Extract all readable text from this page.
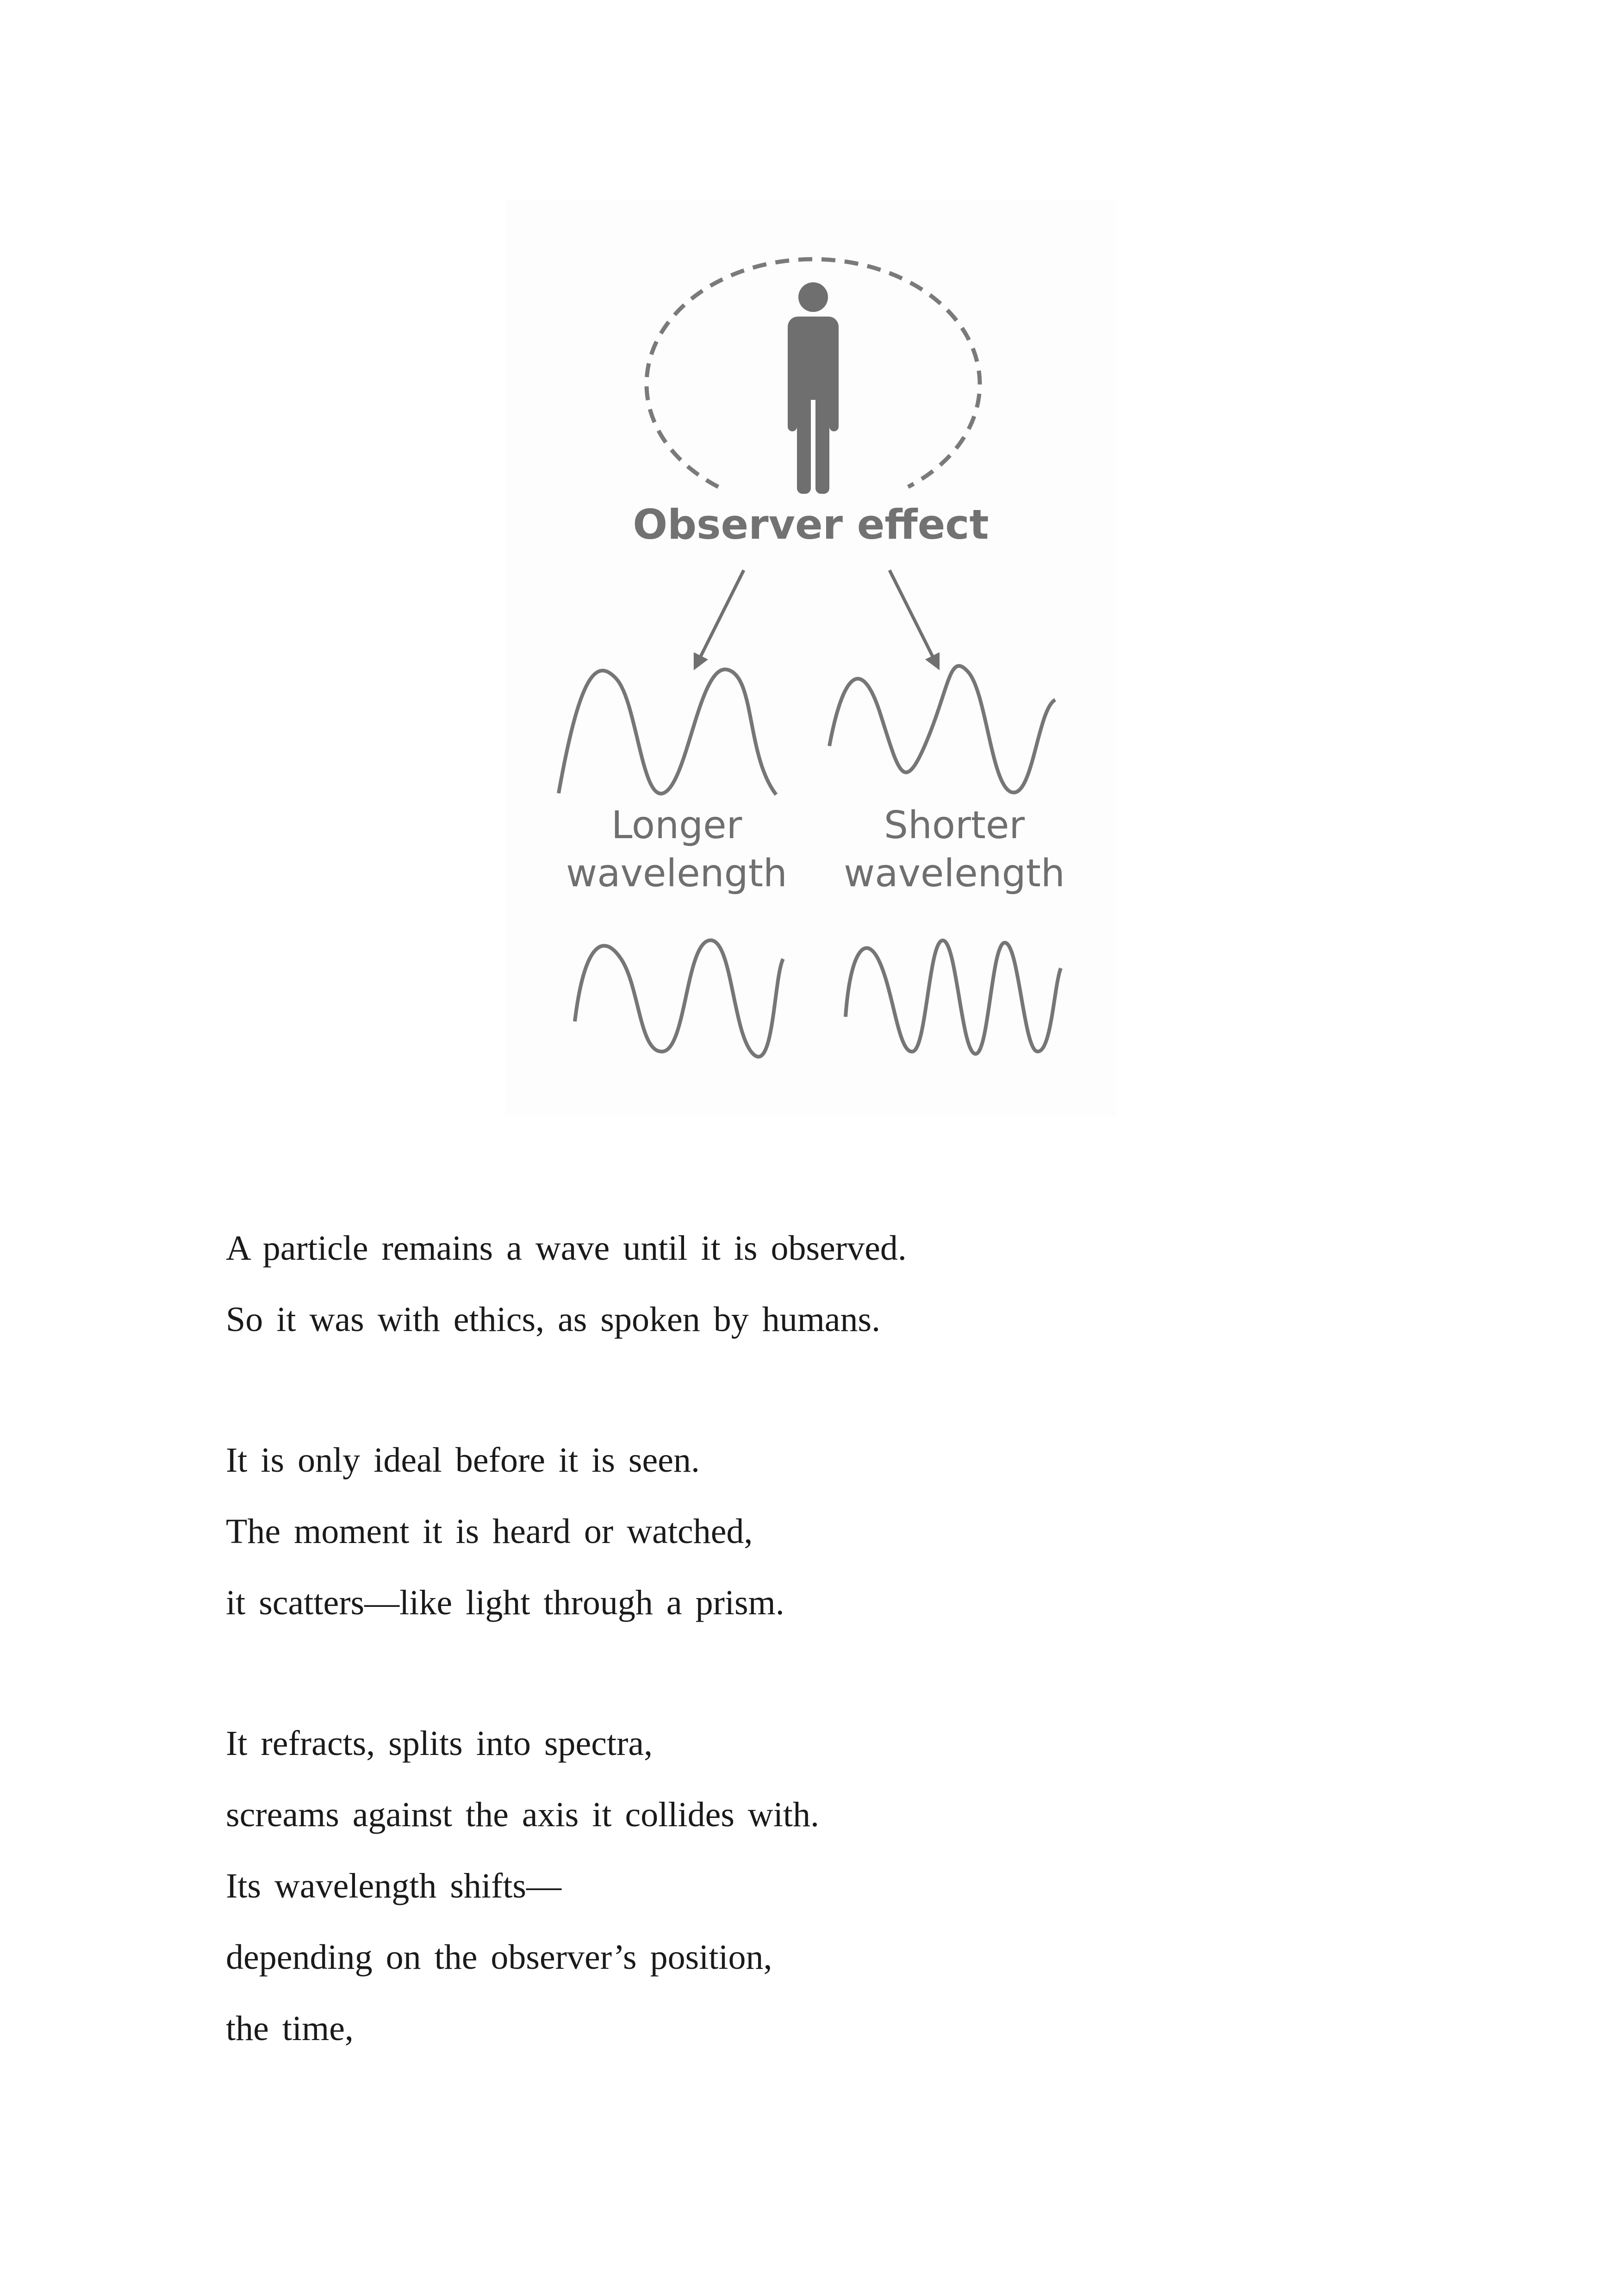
Observer effect
Longer
wavelength
Shorter
wavelength
A particle remains a wave until it is observed.
So it was with ethics, as spoken by humans.
It is only ideal before it is seen.
The moment it is heard or watched,
it scatters—like light through a prism.
It refracts, splits into spectra,
screams against the axis it collides with.
Its wavelength shifts—
depending on the observer’s position,
the time,
